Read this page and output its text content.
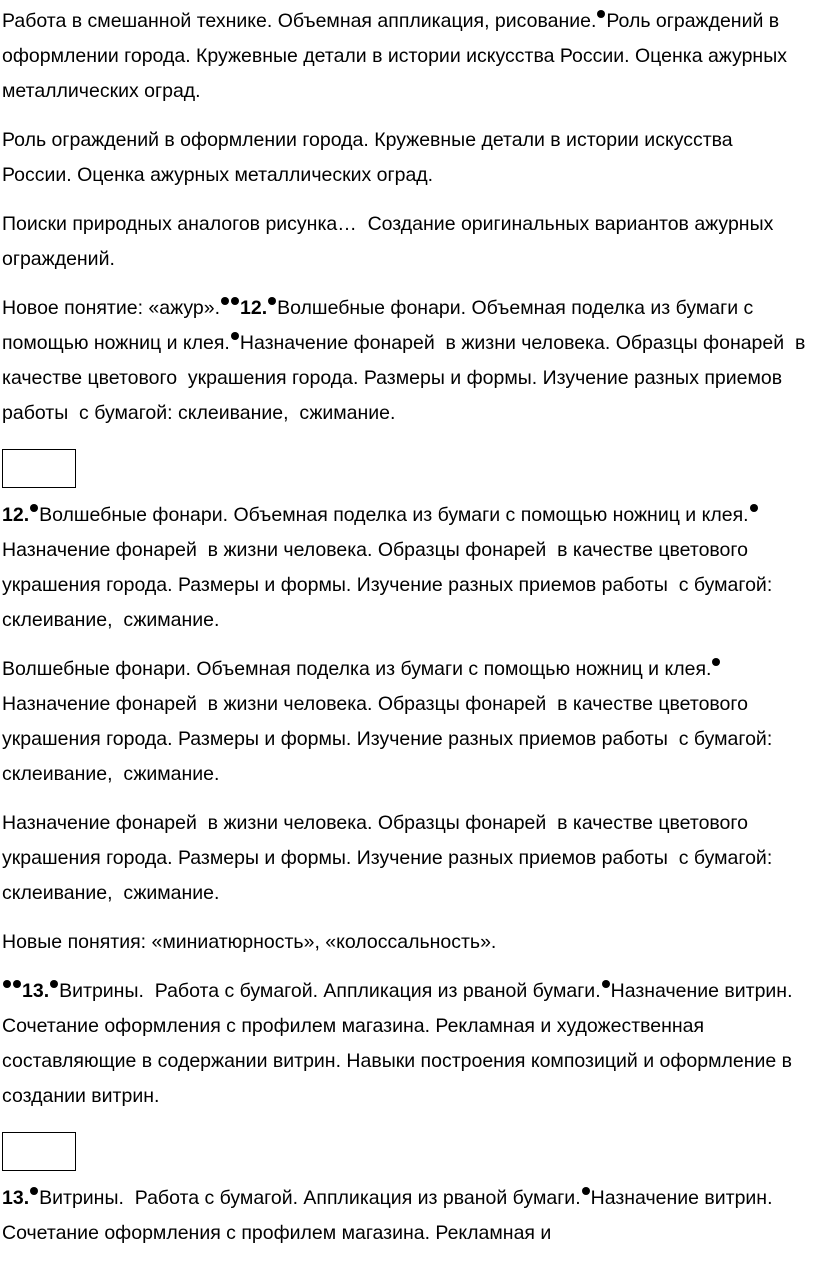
Работа в смешанной технике. Объемная аппликация, рисование. Роль ограждений в оформлении города. Кружевные детали в истории искусства России. Оценка ажурных металлических оград.

Роль ограждений в оформлении города. Кружевные детали в истории искусства  России. Оценка ажурных металлических оград.

Поиски природных аналогов рисунка…  Создание оригинальных вариантов ажурных ограждений.

Новое понятие: «ажур». 12. Волшебные фонари. Объемная поделка из бумаги с помощью ножниц и клея. Назначение фонарей  в жизни человека. Образцы фонарей  в качестве цветового  украшения города. Размеры и формы. Изучение разных приемов работы  с бумагой: склеивание,  сжимание.

12. Волшебные фонари. Объемная поделка из бумаги с помощью ножниц и клея.Назначение фонарей  в жизни человека. Образцы фонарей  в качестве цветового  украшения города. Размеры и формы. Изучение разных приемов работы  с бумагой: склеивание,  сжимание.

Волшебные фонари. Объемная поделка из бумаги с помощью ножниц и клея.Назначение фонарей  в жизни человека. Образцы фонарей  в качестве цветового  украшения города. Размеры и формы. Изучение разных приемов работы  с бумагой: склеивание,  сжимание.

Назначение фонарей  в жизни человека. Образцы фонарей  в качестве цветового  украшения города. Размеры и формы. Изучение разных приемов работы  с бумагой: склеивание,  сжимание.

Новые понятия: «миниатюрность», «колоссальность».

13. Витрины.  Работа с бумагой. Аппликация из рваной бумаги. Назначение витрин. Сочетание оформления с профилем магазина. Рекламная и художественная составляющие в содержании витрин. Навыки построения композиций и оформление в создании витрин.

13. Витрины.  Работа с бумагой. Аппликация из рваной бумаги. Назначение витрин. Сочетание оформления с профилем магазина. Рекламная и
